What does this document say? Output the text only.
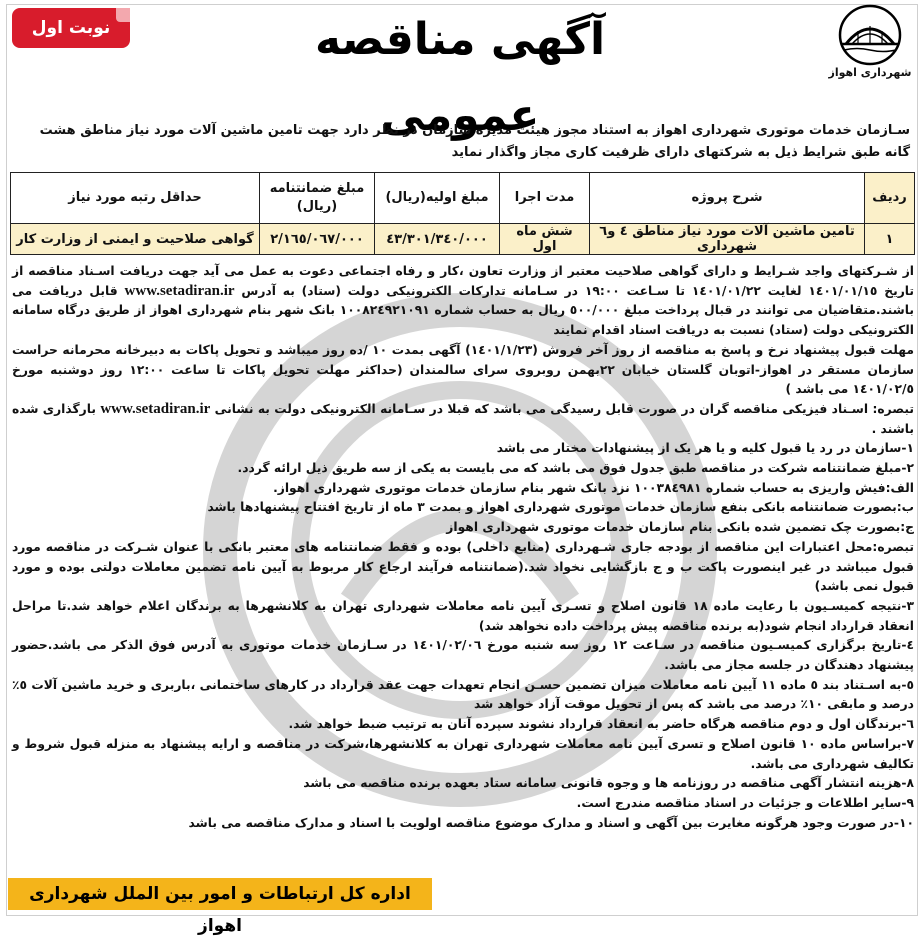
شهرداری اهواز
آگهی مناقصه عمومی
نوبت اول
سـازمان خدمات موتوری شهرداری اهواز به استناد مجوز هیئت مدیره سازمان در نظر دارد جهت تامین ماشین آلات مورد نیاز مناطق هشت گانه طبق شرایط ذیل به شرکتهای دارای ظرفیت کاری مجاز واگذار نماید
ردیف	شرح پروژه	مدت اجرا	مبلغ اولیه(ریال)	مبلغ ضمانتنامه (ریال)	حداقل رتبه مورد نیاز
۱	تامین ماشین آلات مورد نیاز مناطق ٤ و٦ شهرداری	شش ماه اول	٤٣/٣٠١/٣٤٠/٠٠٠	٢/١٦٥/٠٦٧/٠٠٠	گواهی صلاحیت و ایمنی از وزارت کار

از شـرکتهای واجد شـرایط و دارای گواهی صلاحیت معتبر از وزارت تعاون ،کار و رفاه اجتماعی دعوت به عمل می آید جهت دریافت اسـناد مناقصه از تاریخ ١٤٠١/٠١/١٥ لغایت ١٤٠١/٠١/٢٢ تا سـاعت ١٩:٠٠ در سـامانه تدارکات الکترونیکی دولت (ستاد) به آدرس www.setadiran.ir قابل دریافت می باشند.متقاضیان می توانند در قبال پرداخت مبلغ ٥٠٠/٠٠٠ ریال به حساب شماره ١٠٠٨٢٤٩٢١٠٩١ بانک شهر بنام شهرداری اهواز از طریق درگاه سامانه الکترونیکی دولت (ستاد) نسبت به دریافت اسناد اقدام نمایند

مهلت قبول پیشنهاد نرخ و پاسخ به مناقصه از روز آخر فروش (١٤٠١/١/٢٣) آگهی بمدت ١٠ /ده روز میباشد و تحویل پاکات به دبیرخانه محرمانه حراست سازمان مستقر در اهواز-اتوبان گلستان خیابان ٢٢بهمن روبروی سرای سالمندان (حداکثر مهلت تحویل پاکات تا ساعت ١٢:٠٠ روز دوشنبه مورخ ١٤٠١/٠٢/٥ می باشد )

تبصره: اسـناد فیزیکی مناقصه گران در صورت قابل رسیدگی می باشد که قبلا در سـامانه الکترونیکی دولت به نشانی www.setadiran.ir بارگذاری شده باشند .

١-سازمان در رد یا قبول کلیه و یا هر یک از پیشنهادات مختار می باشد

٢-مبلغ ضمانتنامه شرکت در مناقصه طبق جدول فوق می باشد که می بایست به یکی از سه طریق ذیل ارائه گردد.

الف:فیش واریزی به حساب شماره ١٠٠٣٨٤٩٨١ نزد بانک شهر بنام سازمان خدمات موتوری شهرداری اهواز.

ب:بصورت ضمانتنامه بانکی بنفع سازمان خدمات موتوری شهرداری اهواز و بمدت ٣ ماه از تاریخ افتتاح پیشنهادها باشد

ج:بصورت چک تضمین شده بانکی بنام سازمان خدمات موتوری شهرداری اهواز

تبصره:محل اعتبارات این مناقصه از بودجه جاری شـهرداری (منابع داخلی) بوده و فقط ضمانتنامه های معتبر بانکی با عنوان شـرکت در مناقصه مورد قبول میباشد در غیر اینصورت پاکت ب و ج بازگشایی نخواد شد.(ضمانتنامه فرآیند ارجاع کار مربوط به آیین نامه تضمین معاملات دولتی بوده و مورد قبول نمی باشد)

٣-نتیجه کمیسـیون با رعایت ماده ١٨ قانون اصلاح و تسـری آیین نامه معاملات شهرداری تهران به کلانشهرها به برندگان اعلام خواهد شد.تا مراحل انعقاد قرارداد انجام شود(به برنده مناقصه پیش پرداخت داده نخواهد شد)

٤-تاریخ برگزاری کمیسـیون مناقصه در سـاعت ١٢ روز سه شنبه مورخ ١٤٠١/٠٢/٠٦ در سـازمان خدمات موتوری به آدرس فوق الذکر می باشد.حضور پیشنهاد دهندگان در جلسه مجاز می باشد.

٥-به اسـتناد بند ٥ ماده ١١ آیین نامه معاملات میزان تضمین حسـن انجام تعهدات جهت عقد قرارداد در کارهای ساختمانی ،باربری و خرید ماشین آلات ٥٪ درصد و مابقی ١٠٪ درصد می باشد که پس از تحویل موقت آزاد خواهد شد

٦-برندگان اول و دوم مناقصه هرگاه حاضر به انعقاد قرارداد نشوند سپرده آنان به ترتیب ضبط خواهد شد.

٧-براساس ماده ١٠ قانون اصلاح و تسری آیین نامه معاملات شهرداری تهران به کلانشهرها،شرکت در مناقصه و ارایه پیشنهاد به منزله قبول شروط و تکالیف شهرداری می باشد.

٨-هزینه انتشار آگهی مناقصه در روزنامه ها و وجوه قانونی سامانه ستاد بعهده برنده مناقصه می باشد

٩-سایر اطلاعات و جزئیات در اسناد مناقصه مندرج است.

١٠-در صورت وجود هرگونه مغایرت بین آگهی و اسناد و مدارک موضوع مناقصه اولویت با اسناد و مدارک مناقصه می باشد

اداره کل ارتباطات و امور بین الملل شهرداری اهواز
